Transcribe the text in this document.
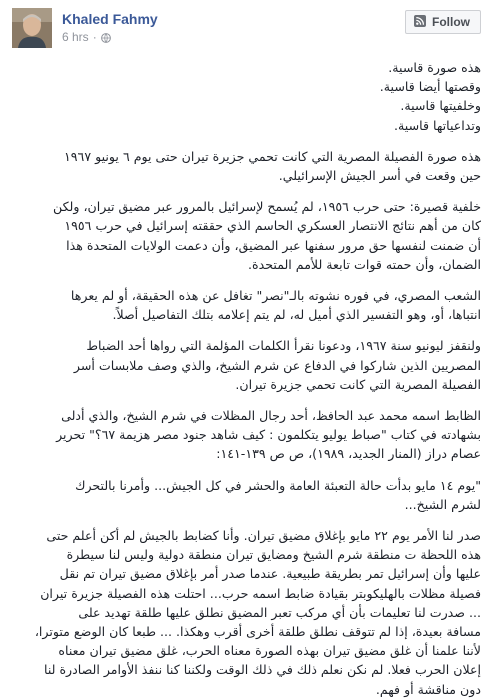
Khaled Fahmy
6 hrs ·
Follow

هذه صورة قاسية.
وقصتها أيضا قاسية.
وخلفيتها قاسية.
وتداعياتها قاسية.

هذه صورة الفصيلة المصرية التي كانت تحمي جزيرة تيران حتى يوم ٦ يونيو ١٩٦٧
حين وقعت في أسر الجيش الإسرائيلي.

خلفية قصيرة: حتى حرب ١٩٥٦، لم يُسمح لإسرائيل بالمرور عبر مضيق تيران، ولكن
كان من أهم نتائج الانتصار العسكري الحاسم الذي حققته إسرائيل في حرب ١٩٥٦
أن ضمنت لنفسها حق مرور سفنها عبر المضيق، وأن دعمت الولايات المتحدة هذا
الضمان، وأن حمته قوات تابعة للأمم المتحدة.

الشعب المصري، في فوره نشوته بالـ"نصر" تغافل عن هذه الحقيقة، أو لم يعرها
انتباها، أو، وهو التفسير الذي أميل له، لم يتم إعلامه بتلك التفاصيل أصلاً.

ولنقفز ليونيو سنة ١٩٦٧، ودعونا نقرأ الكلمات المؤلمة التي رواها أحد الضباط
المصريين الذين شاركوا في الدفاع عن شرم الشيخ، والذي وصف ملابسات أسر
الفصيلة المصرية التي كانت تحمي جزيرة تيران.

الظابط اسمه محمد عبد الحافظ، أحد رجال المظلات في شرم الشيخ، والذي أدلى
بشهادته في كتاب "صباط يوليو يتكلمون : كيف شاهد جنود مصر هزيمة ٦٧؟" تحرير
عصام دراز (المنار الجديد، ١٩٨٩)، ص ص ١٣٩-١٤١:

"يوم ١٤ مايو بدأت حالة التعبئة العامة والحشر في كل الجيش... وأمرنا بالتحرك
لشرم الشيخ...

صدر لنا الأمر يوم ٢٢ مايو بإغلاق مضيق تيران. وأنا كضابط بالجيش لم أكن أعلم حتى
هذه اللحظة ت منطقة شرم الشيخ ومضايق تيران منطقة دولية وليس لنا سيطرة
عليها وأن إسرائيل تمر بطريقة طبيعية. عندما صدر أمر بإغلاق مضيق تيران تم نقل
فصيلة مظلات بالهليكوبتر بقيادة ضابط اسمه حرب... احتلت هذه الفصيلة جزيرة تيران
... صدرت لنا تعليمات بأن أي مركب تعبر المضيق نطلق عليها طلقة تهديد على
مسافة بعيدة، إذا لم تتوقف نطلق طلقة أخرى أقرب وهكذا. ... طبعا كان الوضع متوترا،
لأننا علمنا أن غلق مضيق تيران بهذه الصورة معناه الحرب، غلق مضيق تيران معناه
إعلان الحرب فعلا. لم نكن نعلم ذلك في ذلك الوقت ولكننا كنا ننفذ الأوامر الصادرة لنا
دون مناقشة أو فهم.
